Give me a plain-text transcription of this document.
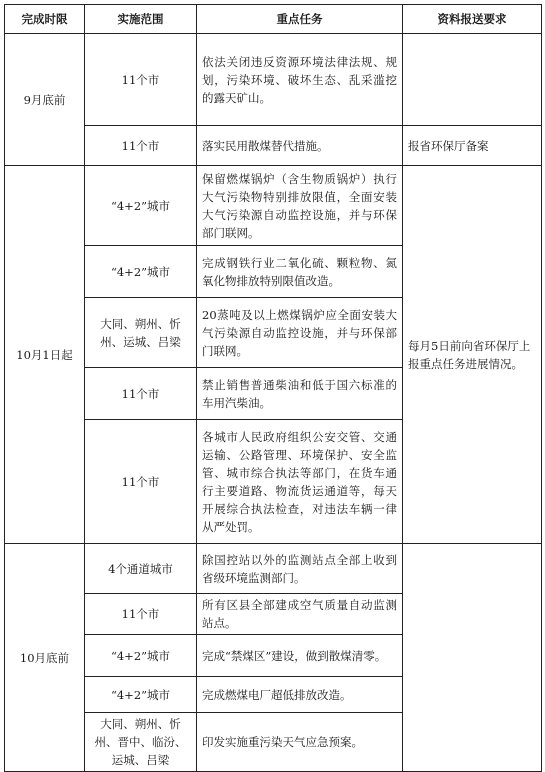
完成时限	实施范围	重点任务	资料报送要求
9月底前	11个市	依法关闭违反资源环境法律法规、规划，污染环境、破坏生态、乱采滥挖的露天矿山。	
	11个市	落实民用散煤替代措施。	报省环保厅备案
10月1日起	“4+2”城市	保留燃煤锅炉（含生物质锅炉）执行大气污染物特别排放限值，全面安装大气污染源自动监控设施，并与环保部门联网。	每月5日前向省环保厅上报重点任务进展情况。
	“4+2”城市	完成钢铁行业二氧化硫、颗粒物、氮氧化物排放特别限值改造。	
	大同、朔州、忻州、运城、吕梁	20蒸吨及以上燃煤锅炉应全面安装大气污染源自动监控设施，并与环保部门联网。	
	11个市	禁止销售普通柴油和低于国六标准的车用汽柴油。	
	11个市	各城市人民政府组织公安交管、交通运输、公路管理、环境保护、安全监管、城市综合执法等部门，在货车通行主要道路、物流货运通道等，每天开展综合执法检查，对违法车辆一律从严处罚。	
10月底前	4个通道城市	除国控站以外的监测站点全部上收到省级环境监测部门。	
	11个市	所有区县全部建成空气质量自动监测站点。	
	“4+2”城市	完成“禁煤区”建设，做到散煤清零。	
	“4+2”城市	完成燃煤电厂超低排放改造。	
	大同、朔州、忻州、晋中、临汾、运城、吕梁	印发实施重污染天气应急预案。	
